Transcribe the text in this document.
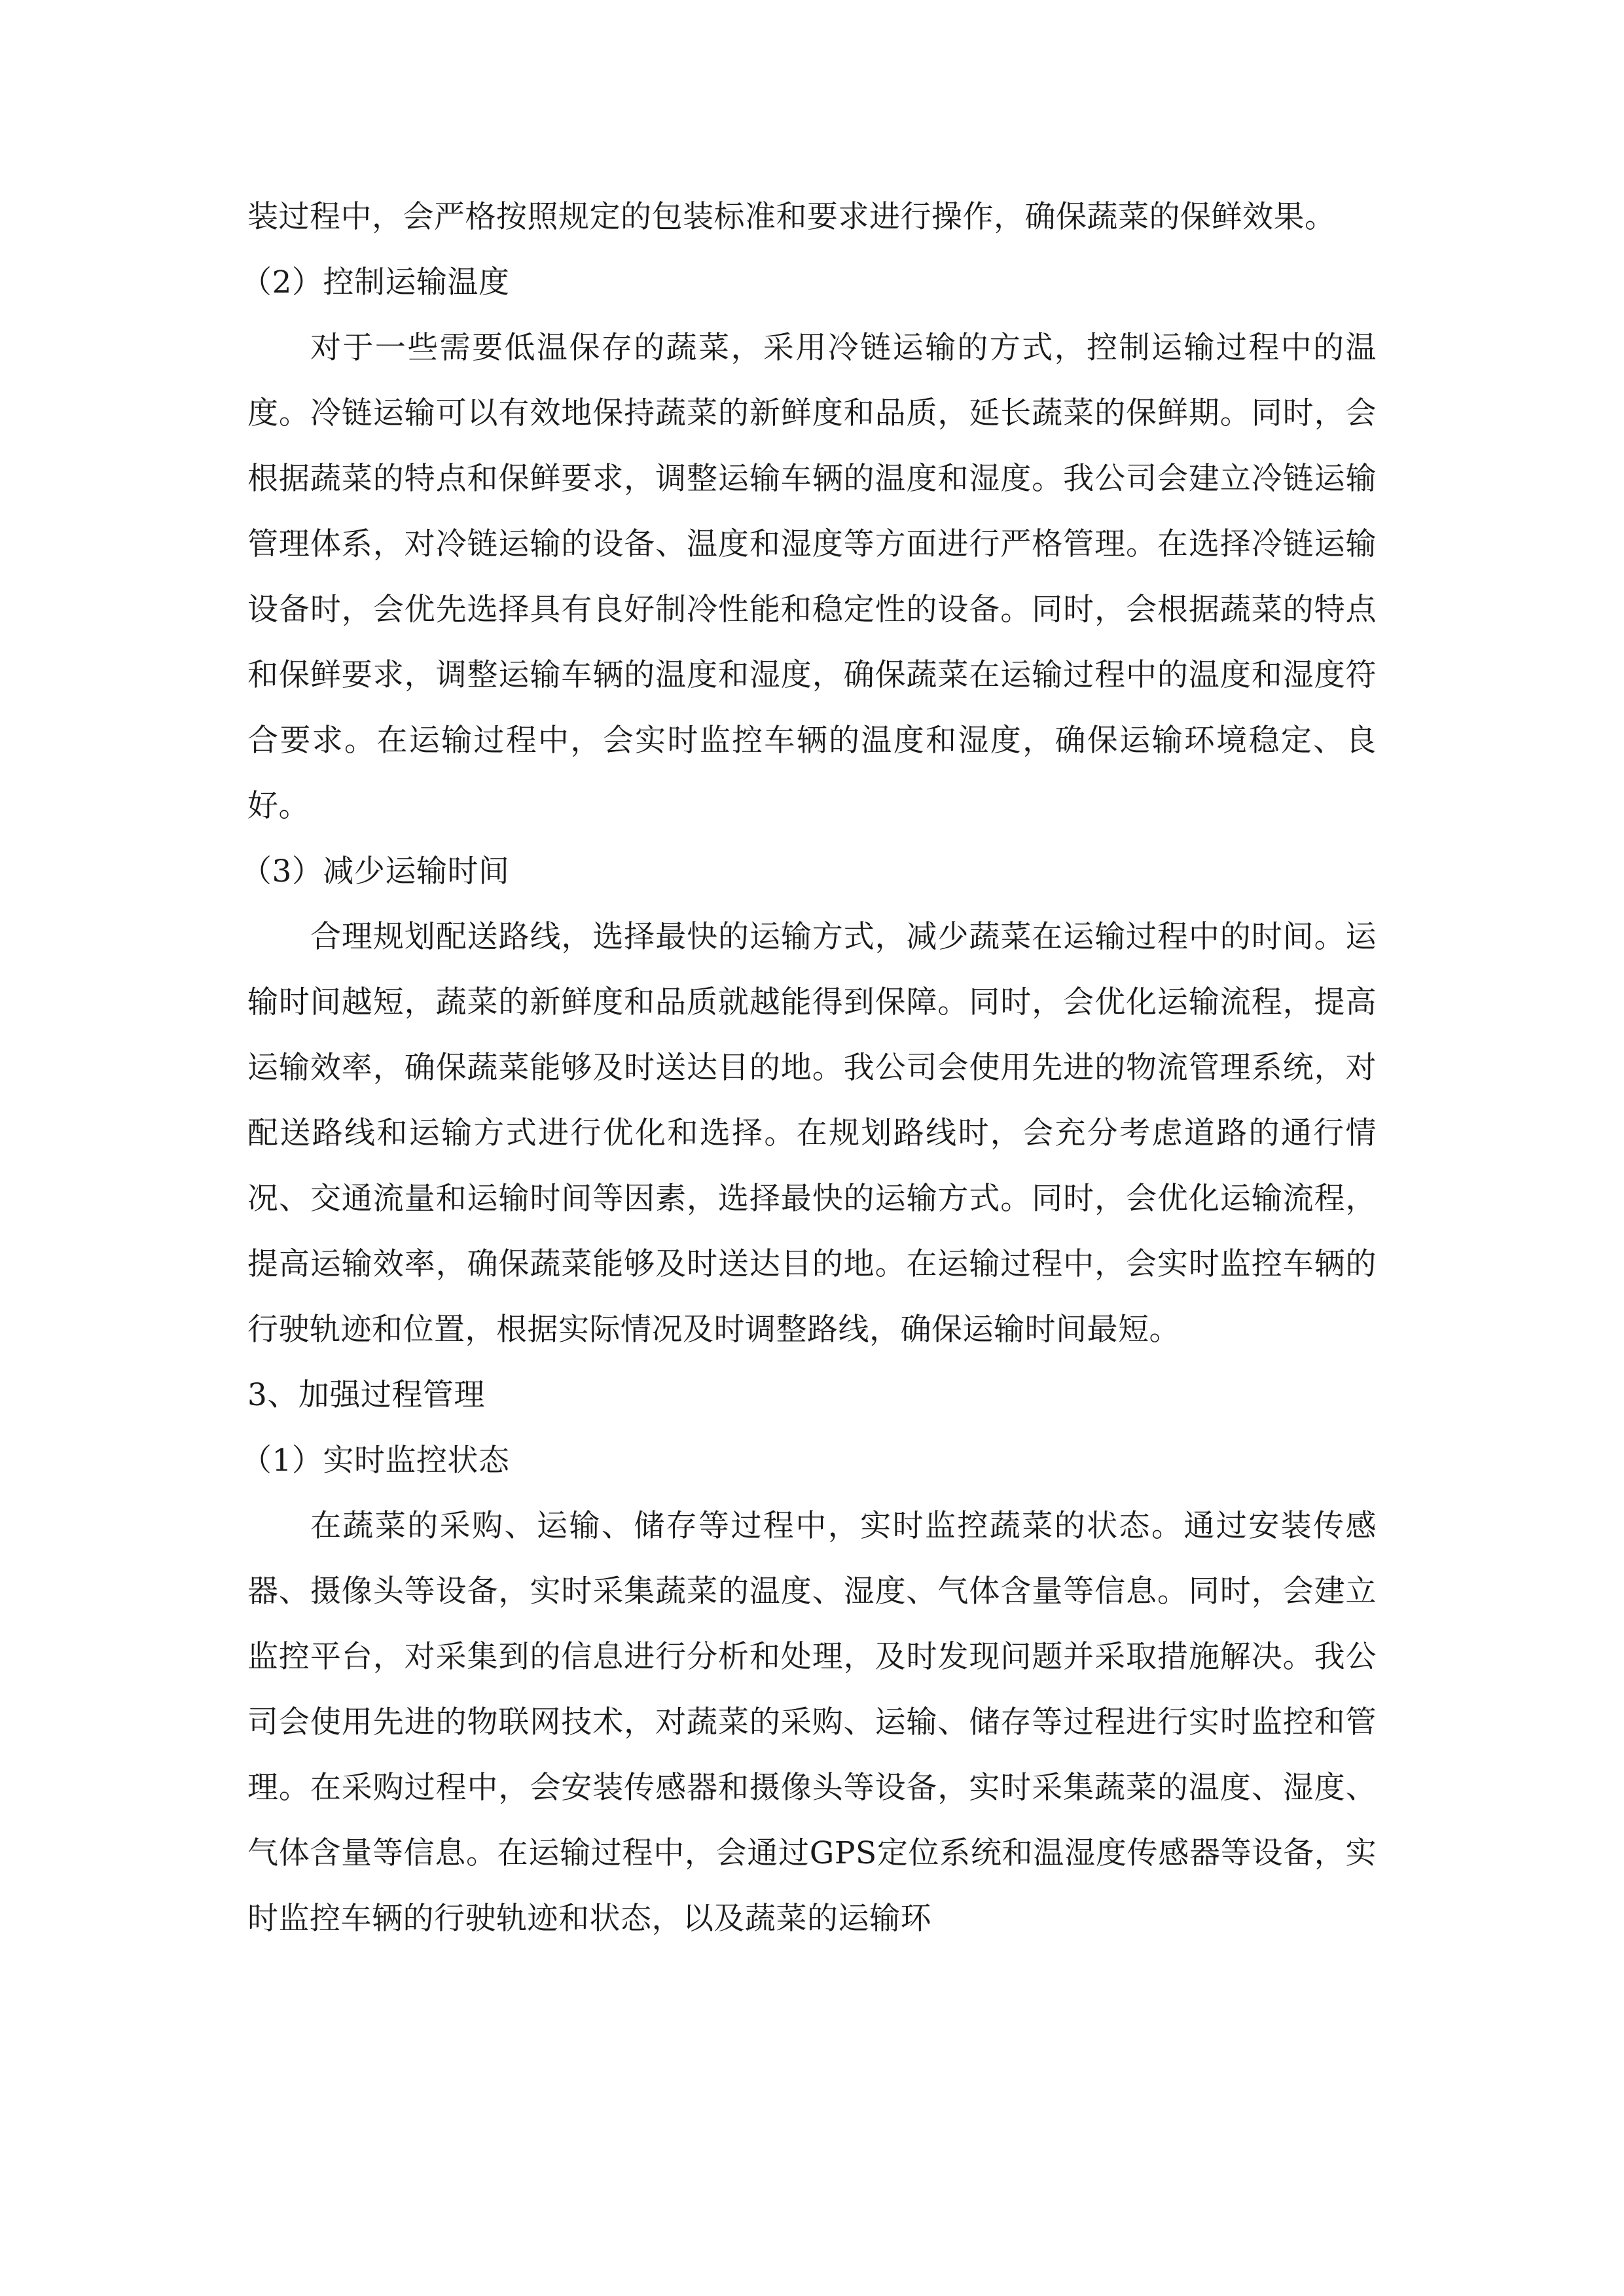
装过程中，会严格按照规定的包装标准和要求进行操作，确保蔬菜的保鲜效果。

（2）控制运输温度

对于一些需要低温保存的蔬菜，采用冷链运输的方式，控制运输过程中的温度。冷链运输可以有效地保持蔬菜的新鲜度和品质，延长蔬菜的保鲜期。同时，会根据蔬菜的特点和保鲜要求，调整运输车辆的温度和湿度。我公司会建立冷链运输管理体系，对冷链运输的设备、温度和湿度等方面进行严格管理。在选择冷链运输设备时，会优先选择具有良好制冷性能和稳定性的设备。同时，会根据蔬菜的特点和保鲜要求，调整运输车辆的温度和湿度，确保蔬菜在运输过程中的温度和湿度符合要求。在运输过程中，会实时监控车辆的温度和湿度，确保运输环境稳定、良好。

（3）减少运输时间

合理规划配送路线，选择最快的运输方式，减少蔬菜在运输过程中的时间。运输时间越短，蔬菜的新鲜度和品质就越能得到保障。同时，会优化运输流程，提高运输效率，确保蔬菜能够及时送达目的地。我公司会使用先进的物流管理系统，对配送路线和运输方式进行优化和选择。在规划路线时，会充分考虑道路的通行情况、交通流量和运输时间等因素，选择最快的运输方式。同时，会优化运输流程，提高运输效率，确保蔬菜能够及时送达目的地。在运输过程中，会实时监控车辆的行驶轨迹和位置，根据实际情况及时调整路线，确保运输时间最短。

3、加强过程管理

（1）实时监控状态

在蔬菜的采购、运输、储存等过程中，实时监控蔬菜的状态。通过安装传感器、摄像头等设备，实时采集蔬菜的温度、湿度、气体含量等信息。同时，会建立监控平台，对采集到的信息进行分析和处理，及时发现问题并采取措施解决。我公司会使用先进的物联网技术，对蔬菜的采购、运输、储存等过程进行实时监控和管理。在采购过程中，会安装传感器和摄像头等设备，实时采集蔬菜的温度、湿度、气体含量等信息。在运输过程中，会通过GPS定位系统和温湿度传感器等设备，实时监控车辆的行驶轨迹和状态，以及蔬菜的运输环
